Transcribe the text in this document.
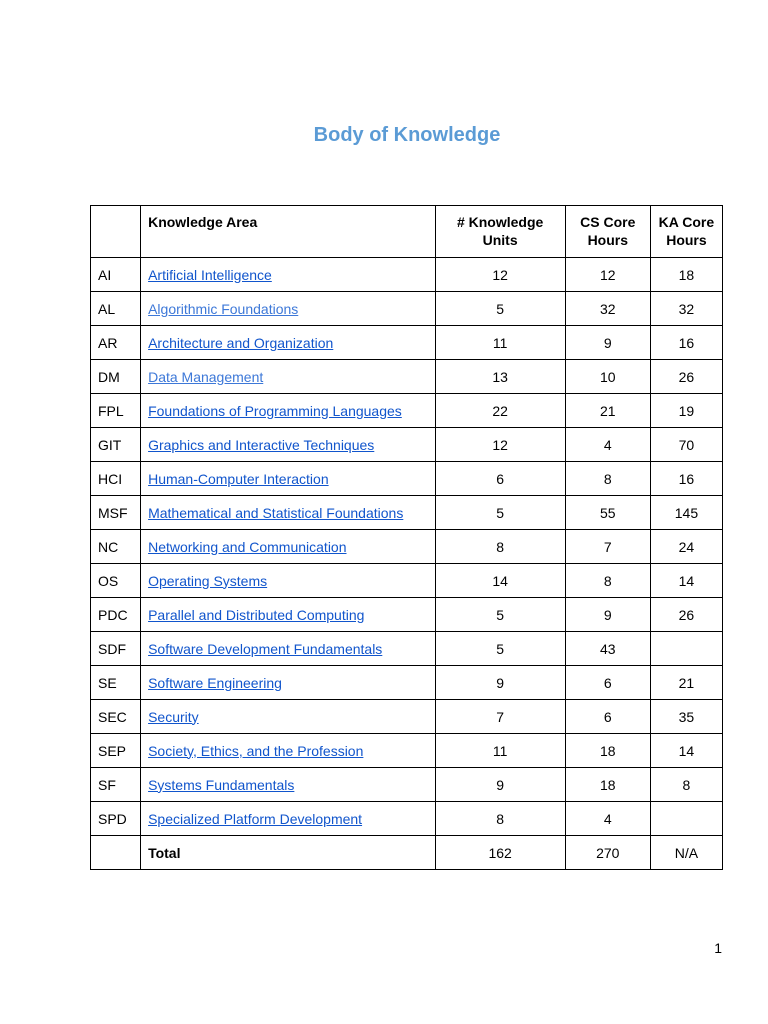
Body of Knowledge
	Knowledge Area	# Knowledge Units	CS Core Hours	KA Core Hours
AI	Artificial Intelligence	12	12	18
AL	Algorithmic Foundations	5	32	32
AR	Architecture and Organization	11	9	16
DM	Data Management	13	10	26
FPL	Foundations of Programming Languages	22	21	19
GIT	Graphics and Interactive Techniques	12	4	70
HCI	Human-Computer Interaction	6	8	16
MSF	Mathematical and Statistical Foundations	5	55	145
NC	Networking and Communication	8	7	24
OS	Operating Systems	14	8	14
PDC	Parallel and Distributed Computing	5	9	26
SDF	Software Development Fundamentals	5	43	
SE	Software Engineering	9	6	21
SEC	Security	7	6	35
SEP	Society, Ethics, and the Profession	11	18	14
SF	Systems Fundamentals	9	18	8
SPD	Specialized Platform Development	8	4	
	Total	162	270	N/A
1
